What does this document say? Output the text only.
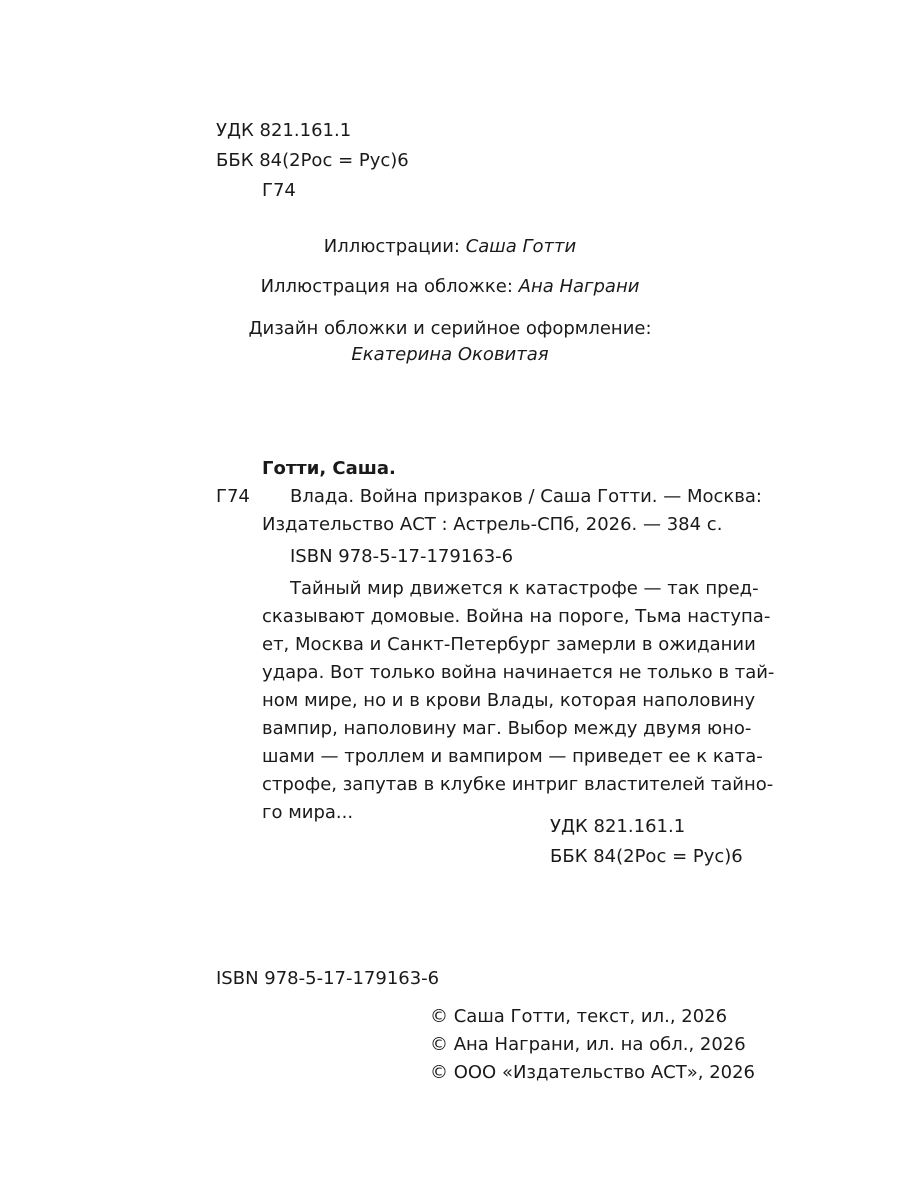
УДК 821.161.1
ББК 84(2Рос = Рус)6
Г74
Иллюстрации: Саша Готти
Иллюстрация на обложке: Ана Награни
Дизайн обложки и серийное оформление:
Екатерина Оковитая
Готти, Саша.
Г74 Влада. Война призраков / Саша Готти. — Москва:
Издательство АСТ : Астрель-СПб, 2026. — 384 с.
ISBN 978-5-17-179163-6
Тайный мир движется к катастрофе — так пред-
сказывают домовые. Война на пороге, Тьма наступа-
ет, Москва и Санкт-Петербург замерли в ожидании
удара. Вот только война начинается не только в тай-
ном мире, но и в крови Влады, которая наполовину
вампир, наполовину маг. Выбор между двумя юно-
шами — троллем и вампиром — приведет ее к ката-
строфе, запутав в клубке интриг властителей тайно-
го мира...
УДК 821.161.1
ББК 84(2Рос = Рус)6
ISBN 978-5-17-179163-6
© Саша Готти, текст, ил., 2026
© Ана Награни, ил. на обл., 2026
© ООО «Издательство АСТ», 2026
